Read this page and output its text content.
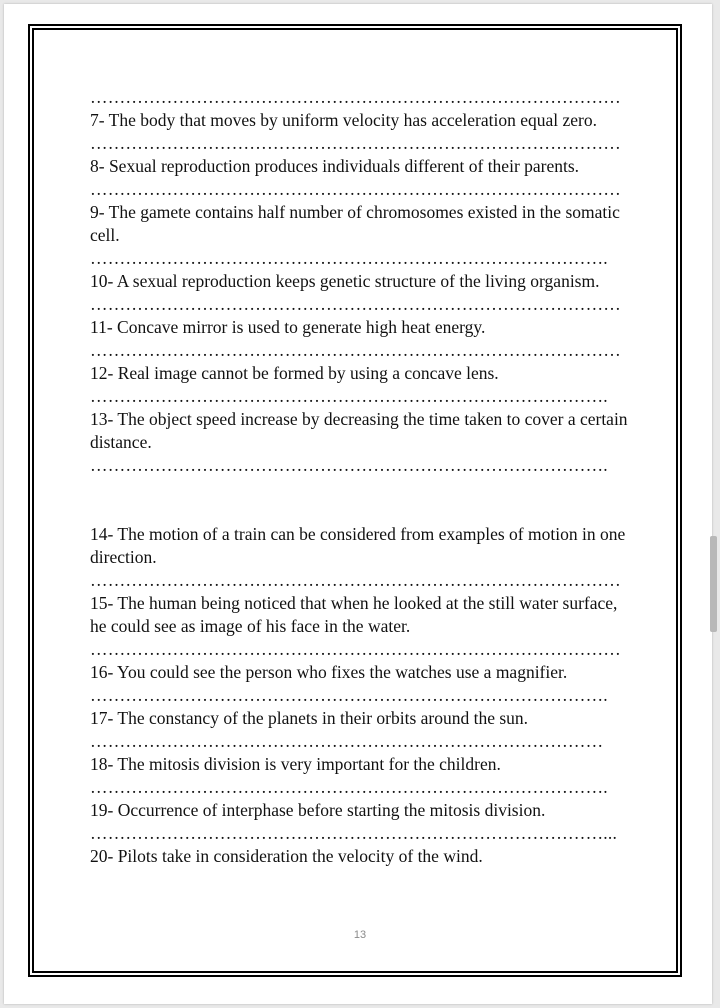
………………………………………………………………………………
7- The body that moves by uniform velocity has acceleration equal zero.
………………………………………………………………………………
8- Sexual reproduction produces individuals different of their parents.
………………………………………………………………………………
9- The gamete contains half number of chromosomes existed in the somatic cell.
…………………………………………………………………………….
10- A sexual reproduction keeps genetic structure of the living organism.
………………………………………………………………………………
11- Concave mirror is used to generate high heat energy.
………………………………………………………………………………
12- Real image cannot be formed by using a concave lens.
…………………………………………………………………………….
13- The object speed increase by decreasing the time taken to cover a certain distance.
…………………………………………………………………………….
14- The motion of a train can be considered from examples of motion in one direction.
………………………………………………………………………………
15- The human being noticed that when he looked at the still water surface, he could see as image of his face in the water.
………………………………………………………………………………
16- You could see the person who fixes the watches use a magnifier.
…………………………………………………………………………….
17- The constancy of the planets in their orbits around the sun.
……………………………………………………………………………
18- The mitosis division is very important for the children.
…………………………………………………………………………….
19- Occurrence of interphase before starting the mitosis division.
……………………………………………………………………………...
20- Pilots take in consideration the velocity of the wind.
13
